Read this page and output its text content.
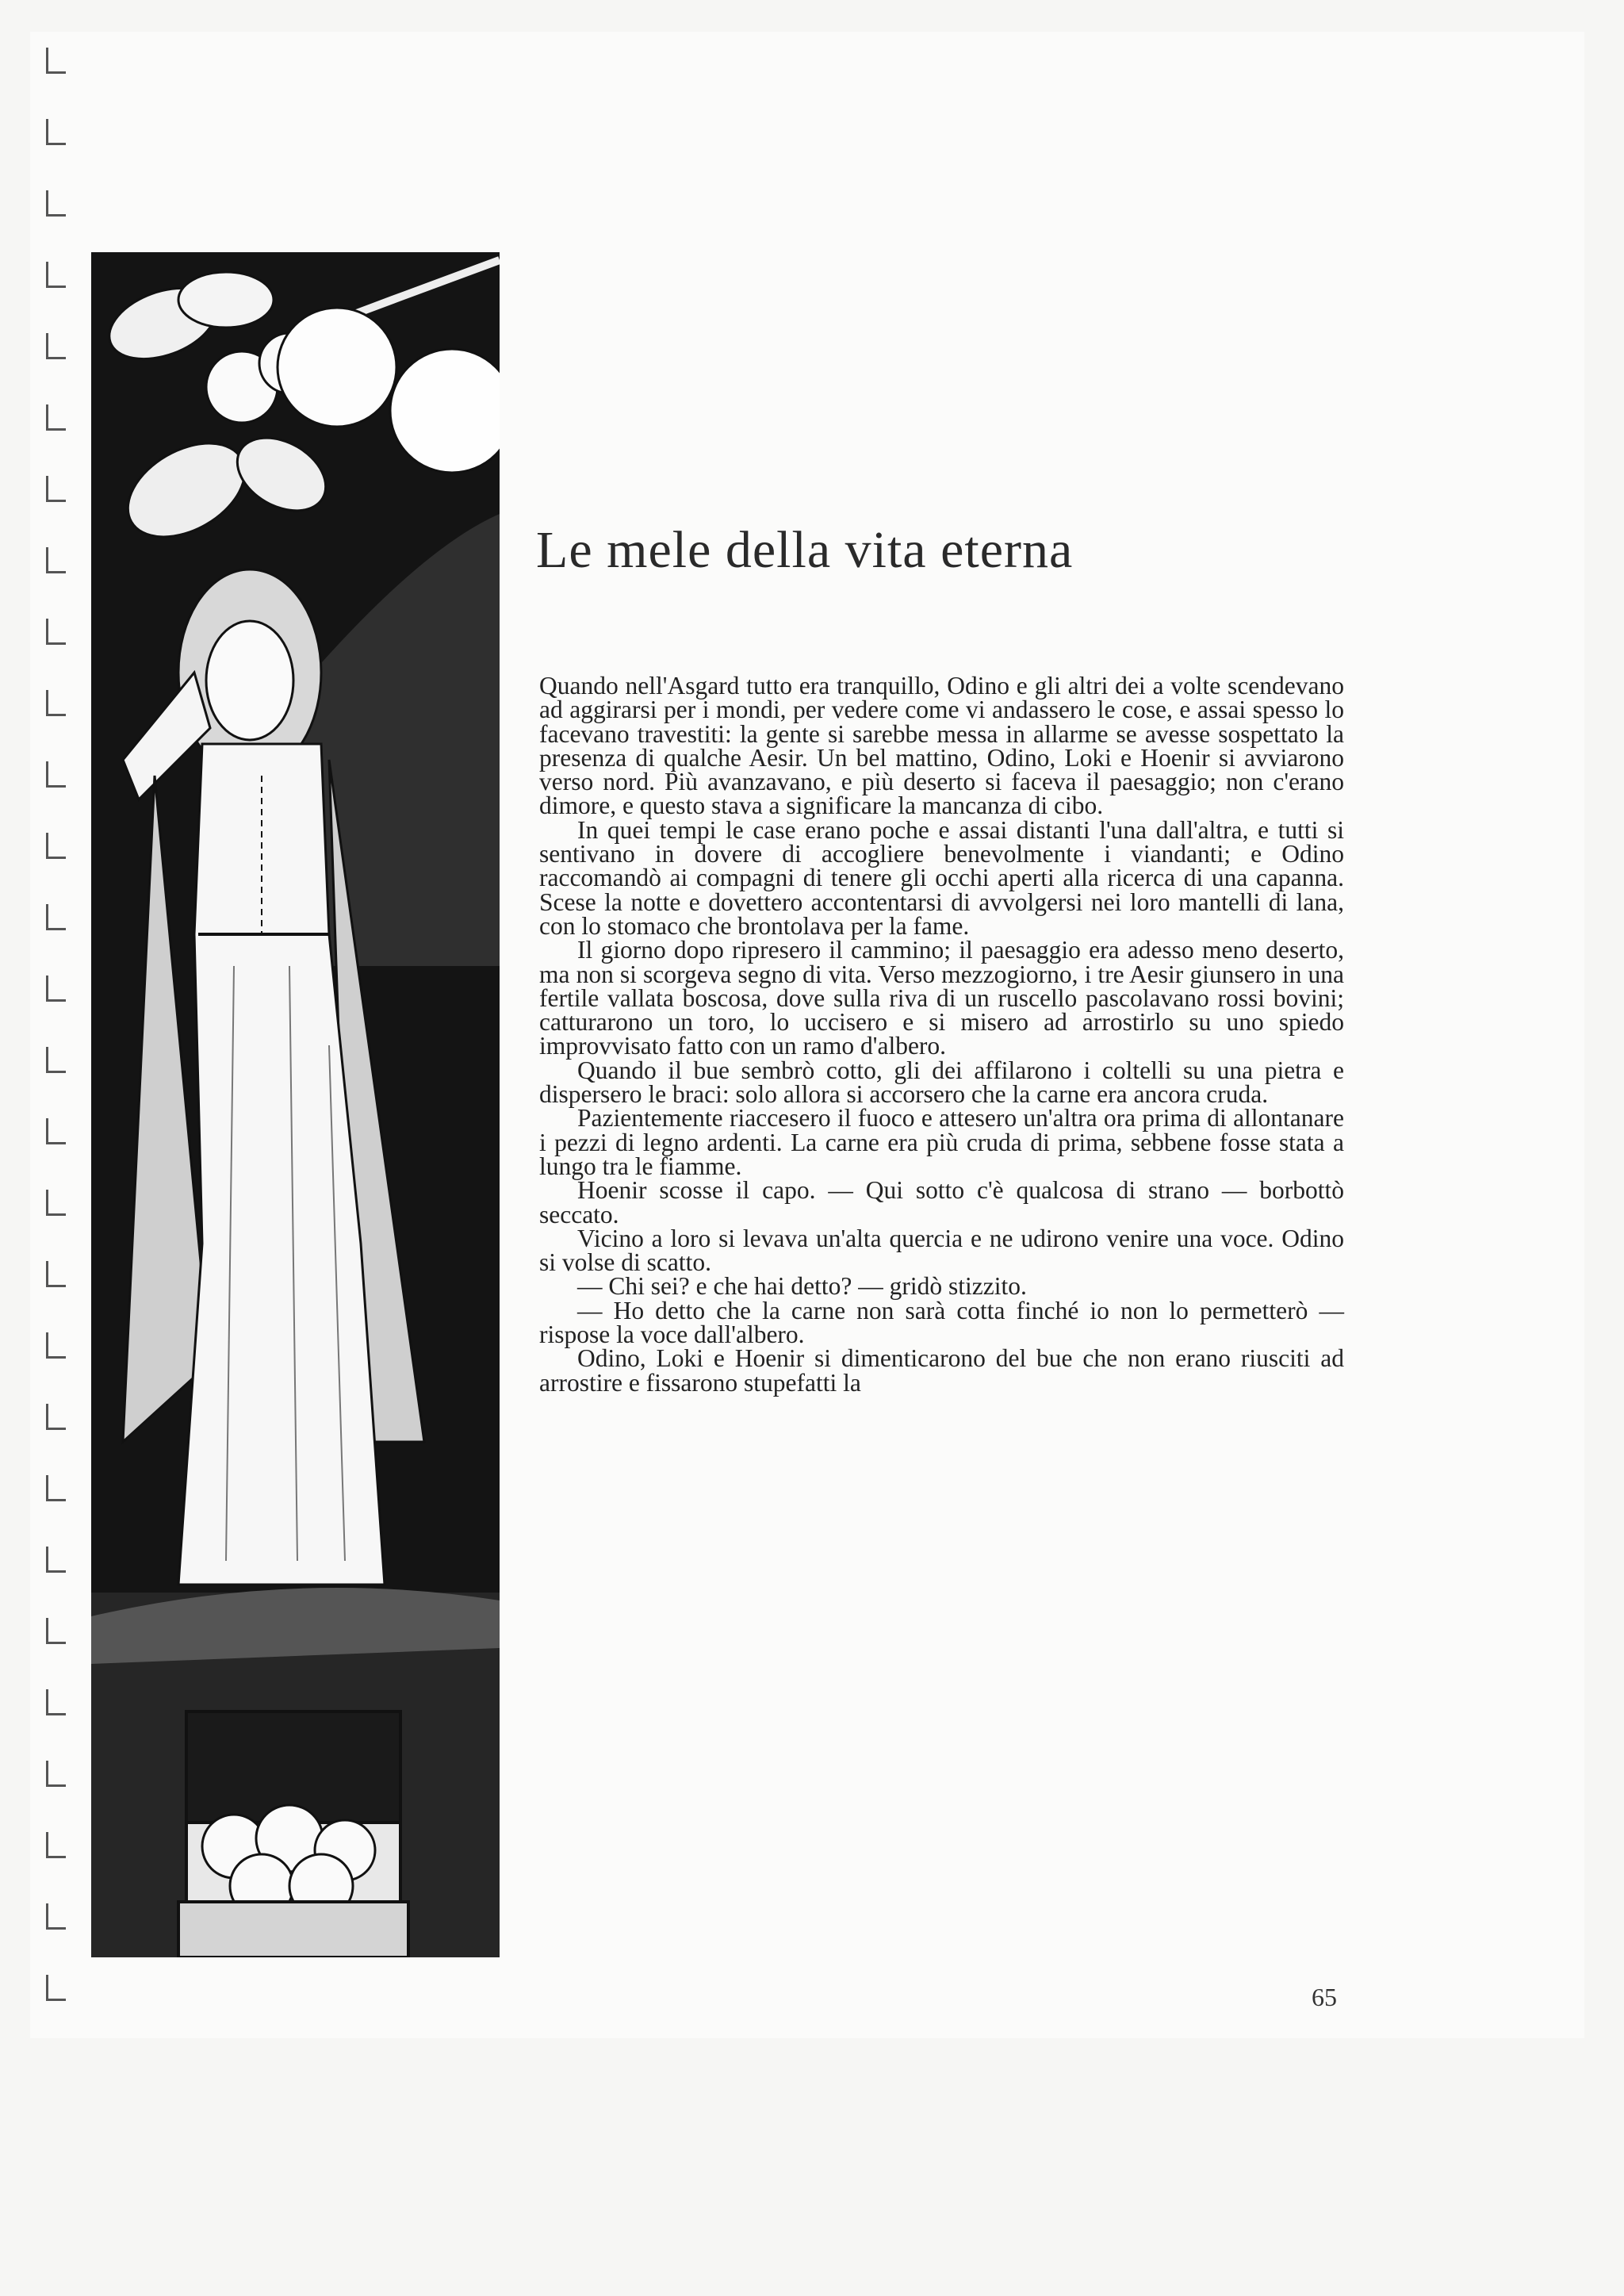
Le mele della vita eterna

Quando nell'Asgard tutto era tranquillo, Odino e gli altri dei a volte scendevano ad aggirarsi per i mondi, per vedere come vi andassero le cose, e assai spesso lo facevano travestiti: la gente si sarebbe messa in allarme se avesse sospettato la presenza di qualche Aesir. Un bel mattino, Odino, Loki e Hoenir si avviarono verso nord. Più avanzavano, e più deserto si faceva il paesaggio; non c'erano dimore, e questo stava a significare la mancanza di cibo.

In quei tempi le case erano poche e assai distanti l'una dall'altra, e tutti si sentivano in dovere di accogliere benevolmente i viandanti; e Odino raccomandò ai compagni di tenere gli occhi aperti alla ricerca di una capanna. Scese la notte e dovettero accontentarsi di avvolgersi nei loro mantelli di lana, con lo stomaco che brontolava per la fame.

Il giorno dopo ripresero il cammino; il paesaggio era adesso meno deserto, ma non si scorgeva segno di vita. Verso mezzogiorno, i tre Aesir giunsero in una fertile vallata boscosa, dove sulla riva di un ruscello pascolavano rossi bovini; catturarono un toro, lo uccisero e si misero ad arrostirlo su uno spiedo improvvisato fatto con un ramo d'albero.

Quando il bue sembrò cotto, gli dei affilarono i coltelli su una pietra e dispersero le braci: solo allora si accorsero che la carne era ancora cruda.

Pazientemente riaccesero il fuoco e attesero un'altra ora prima di allontanare i pezzi di legno ardenti. La carne era più cruda di prima, sebbene fosse stata a lungo tra le fiamme.

Hoenir scosse il capo. — Qui sotto c'è qualcosa di strano — borbottò seccato.

Vicino a loro si levava un'alta quercia e ne udirono venire una voce. Odino si volse di scatto.

— Chi sei? e che hai detto? — gridò stizzito.

— Ho detto che la carne non sarà cotta finché io non lo permetterò — rispose la voce dall'albero.

Odino, Loki e Hoenir si dimenticarono del bue che non erano riusciti ad arrostire e fissarono stupefatti la

65
